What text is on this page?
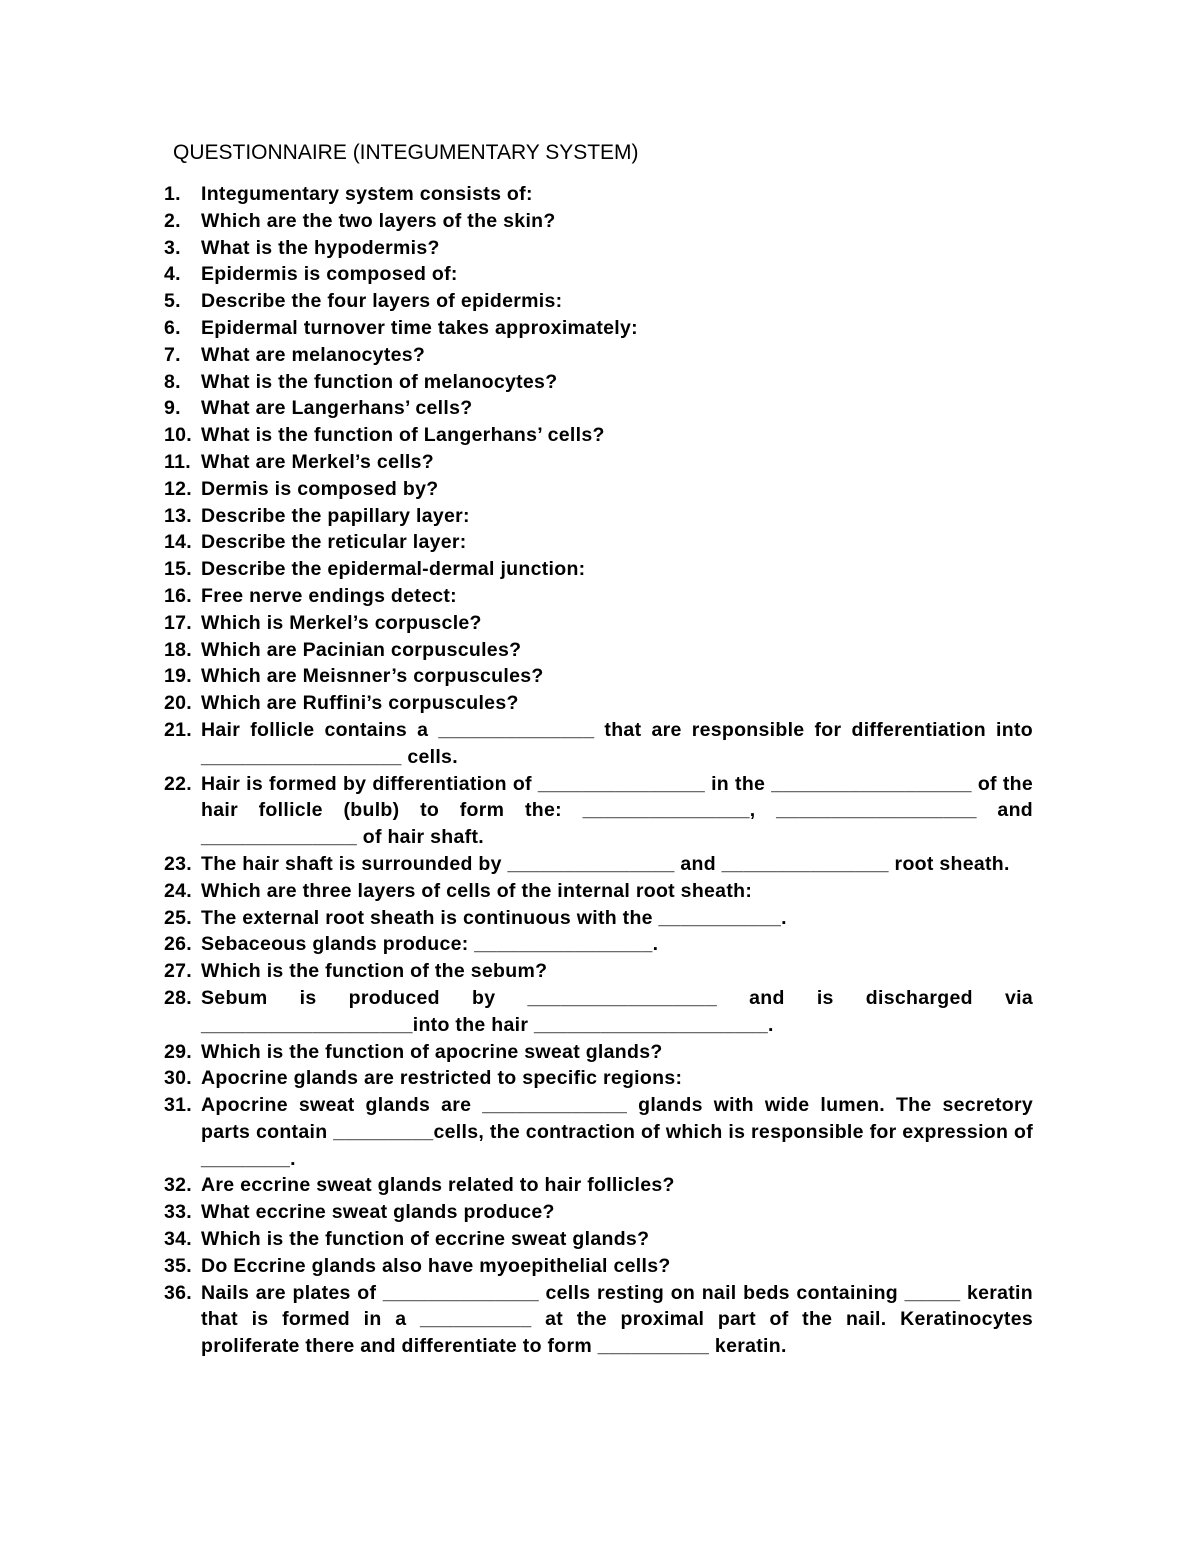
QUESTIONNAIRE (INTEGUMENTARY SYSTEM)
1.	Integumentary system consists of:
2.	Which are the two layers of the skin?
3.	What is the hypodermis?
4.	Epidermis is composed of:
5.	Describe the four layers of epidermis:
6.	Epidermal turnover time takes approximately:
7.	What are melanocytes?
8.	What is the function of melanocytes?
9.	What are Langerhans’ cells?
10. What is the function of Langerhans’ cells?
11. What are Merkel’s cells?
12. Dermis is composed by?
13. Describe the papillary layer:
14. Describe the reticular layer:
15. Describe the epidermal-dermal junction:
16. Free nerve endings detect:
17. Which is Merkel’s corpuscle?
18. Which are Pacinian corpuscules?
19. Which are Meisnner’s corpuscules?
20. Which are Ruffini’s corpuscules?
21. Hair follicle contains a ______________ that are responsible for differentiation into __________________ cells.
22. Hair is formed by differentiation of _______________ in the __________________ of the hair follicle (bulb) to form the: _______________, __________________ and ______________ of hair shaft.
23. The hair shaft is surrounded by _______________ and _______________ root sheath.
24. Which are three layers of cells of the internal root sheath:
25. The external root sheath is continuous with the ___________.
26. Sebaceous glands produce: ________________.
27. Which is the function of the sebum?
28. Sebum is produced by _________________ and is discharged via ___________________into the hair _____________________.
29. Which is the function of apocrine sweat glands?
30. Apocrine glands are restricted to specific regions:
31. Apocrine sweat glands are _____________ glands with wide lumen. The secretory parts contain _________cells, the contraction of which is responsible for expression of ________.
32. Are eccrine sweat glands related to hair follicles?
33. What eccrine sweat glands produce?
34. Which is the function of eccrine sweat glands?
35. Do Eccrine glands also have myoepithelial cells?
36. Nails are plates of ______________ cells resting on nail beds containing _____ keratin that is formed in a __________ at the proximal part of the nail. Keratinocytes proliferate there and differentiate to form __________ keratin.
